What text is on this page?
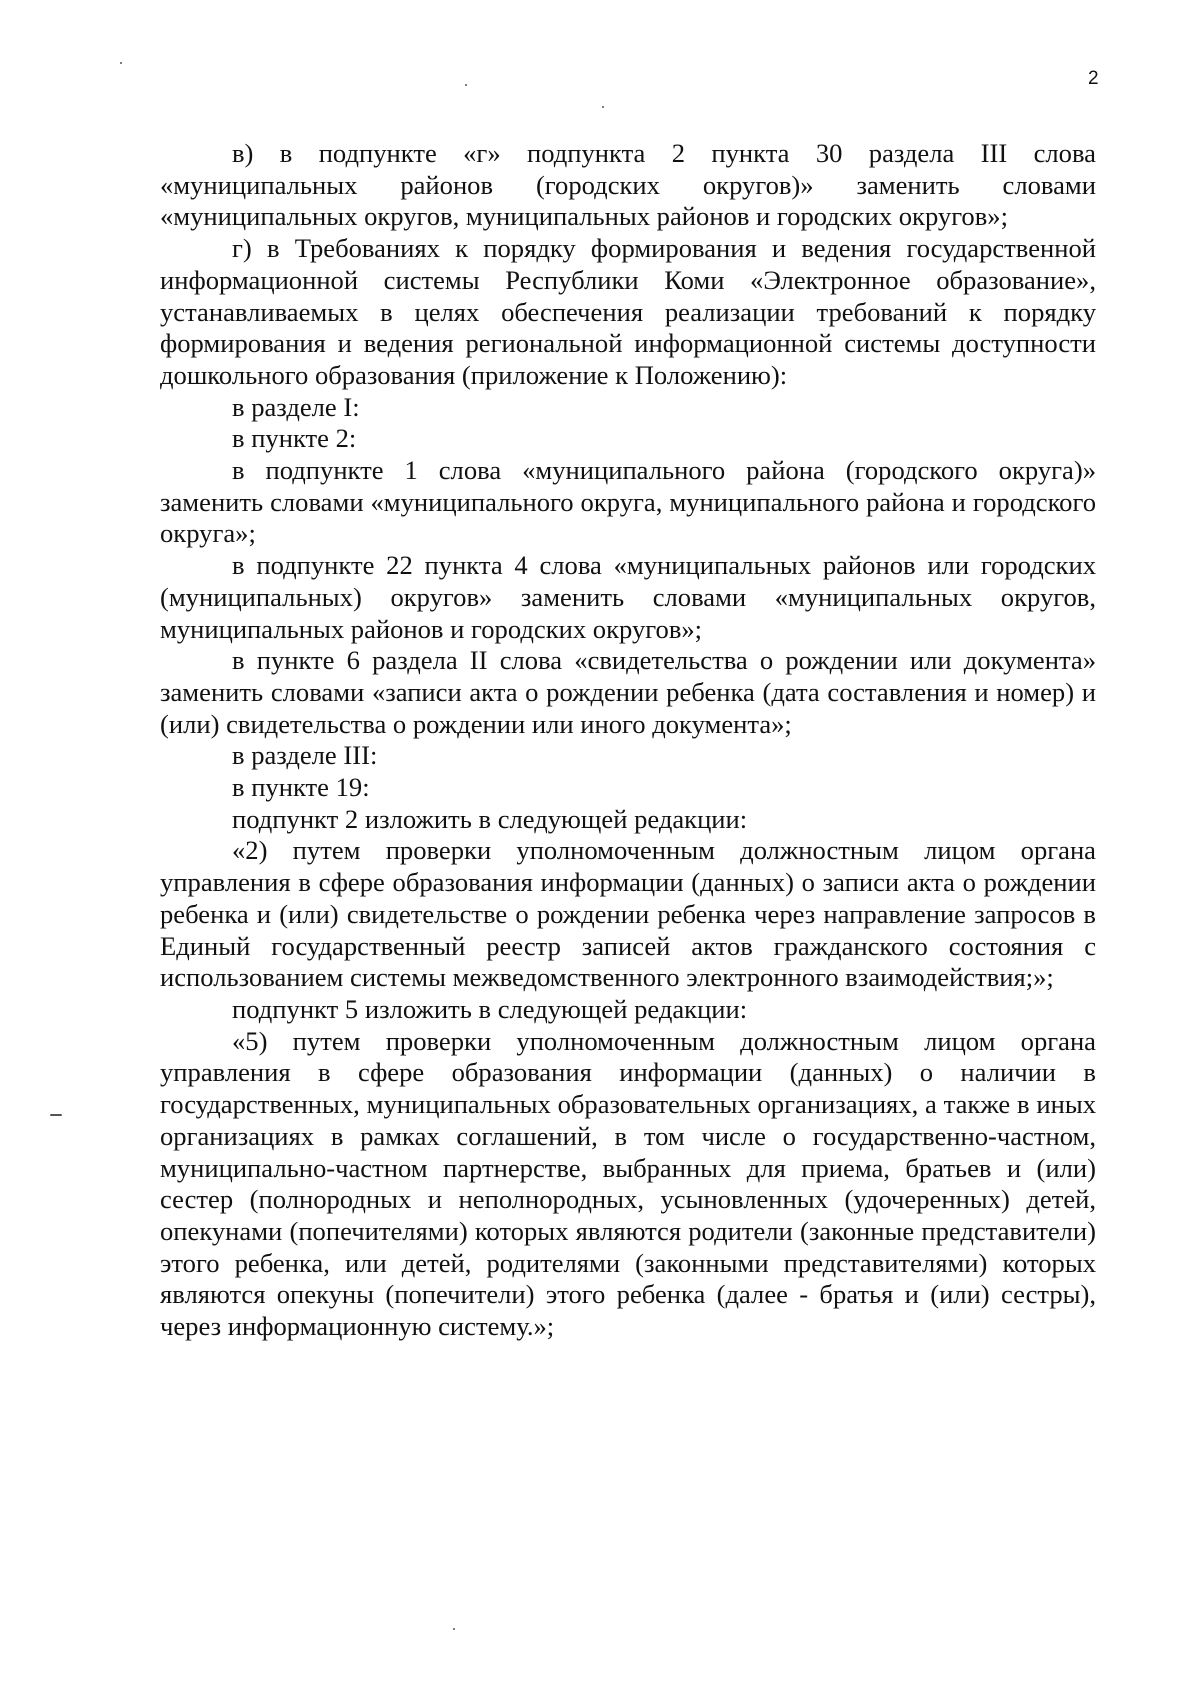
2

в) в подпункте «г» подпункта 2 пункта 30 раздела III слова «муниципальных районов (городских округов)» заменить словами «муниципальных округов, муниципальных районов и городских округов»;

г) в Требованиях к порядку формирования и ведения государственной информационной системы Республики Коми «Электронное образование», устанавливаемых в целях обеспечения реализации требований к порядку формирования и ведения региональной информационной системы доступности дошкольного образования (приложение к Положению):

в разделе I:

в пункте 2:

в подпункте 1 слова «муниципального района (городского округа)» заменить словами «муниципального округа, муниципального района и городского округа»;

в подпункте 22 пункта 4 слова «муниципальных районов или городских (муниципальных) округов» заменить словами «муниципальных округов, муниципальных районов и городских округов»;

в пункте 6 раздела II слова «свидетельства о рождении или документа» заменить словами «записи акта о рождении ребенка (дата составления и номер) и (или) свидетельства о рождении или иного документа»;

в разделе III:

в пункте 19:

подпункт 2 изложить в следующей редакции:

«2) путем проверки уполномоченным должностным лицом органа управления в сфере образования информации (данных) о записи акта о рождении ребенка и (или) свидетельстве о рождении ребенка через направление запросов в Единый государственный реестр записей актов гражданского состояния с использованием системы межведомственного электронного взаимодействия;»;

подпункт 5 изложить в следующей редакции:

«5) путем проверки уполномоченным должностным лицом органа управления в сфере образования информации (данных) о наличии в государственных, муниципальных образовательных организациях, а также в иных организациях в рамках соглашений, в том числе о государственно-частном, муниципально-частном партнерстве, выбранных для приема, братьев и (или) сестер (полнородных и неполнородных, усыновленных (удочеренных) детей, опекунами (попечителями) которых являются родители (законные представители) этого ребенка, или детей, родителями (законными представителями) которых являются опекуны (попечители) этого ребенка (далее - братья и (или) сестры), через информационную систему.»;
